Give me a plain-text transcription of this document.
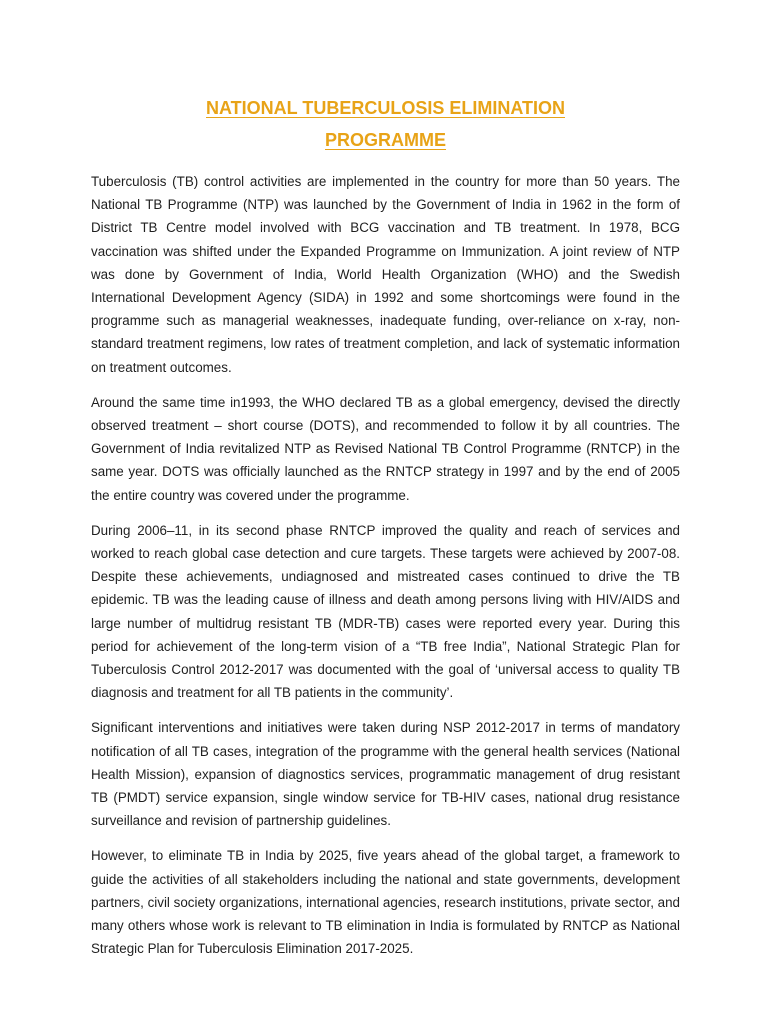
NATIONAL TUBERCULOSIS ELIMINATION
PROGRAMME

Tuberculosis (TB) control activities are implemented in the country for more than 50 years. The National TB Programme (NTP) was launched by the Government of India in 1962 in the form of District TB Centre model involved with BCG vaccination and TB treatment. In 1978, BCG vaccination was shifted under the Expanded Programme on Immunization. A joint review of NTP was done by Government of India, World Health Organization (WHO) and the Swedish International Development Agency (SIDA) in 1992 and some shortcomings were found in the programme such as managerial weaknesses, inadequate funding, over-reliance on x-ray, non-standard treatment regimens, low rates of treatment completion, and lack of systematic information on treatment outcomes.

Around the same time in1993, the WHO declared TB as a global emergency, devised the directly observed treatment – short course (DOTS), and recommended to follow it by all countries. The Government of India revitalized NTP as Revised National TB Control Programme (RNTCP) in the same year. DOTS was officially launched as the RNTCP strategy in 1997 and by the end of 2005 the entire country was covered under the programme.

During 2006–11, in its second phase RNTCP improved the quality and reach of services and worked to reach global case detection and cure targets. These targets were achieved by 2007-08. Despite these achievements, undiagnosed and mistreated cases continued to drive the TB epidemic. TB was the leading cause of illness and death among persons living with HIV/AIDS and large number of multidrug resistant TB (MDR-TB) cases were reported every year. During this period for achievement of the long-term vision of a “TB free India”, National Strategic Plan for Tuberculosis Control 2012-2017 was documented with the goal of ‘universal access to quality TB diagnosis and treatment for all TB patients in the community’.

Significant interventions and initiatives were taken during NSP 2012-2017 in terms of mandatory notification of all TB cases, integration of the programme with the general health services (National Health Mission), expansion of diagnostics services, programmatic management of drug resistant TB (PMDT) service expansion, single window service for TB-HIV cases, national drug resistance surveillance and revision of partnership guidelines.

However, to eliminate TB in India by 2025, five years ahead of the global target, a framework to guide the activities of all stakeholders including the national and state governments, development partners, civil society organizations, international agencies, research institutions, private sector, and many others whose work is relevant to TB elimination in India is formulated by RNTCP as National Strategic Plan for Tuberculosis Elimination 2017-2025.
